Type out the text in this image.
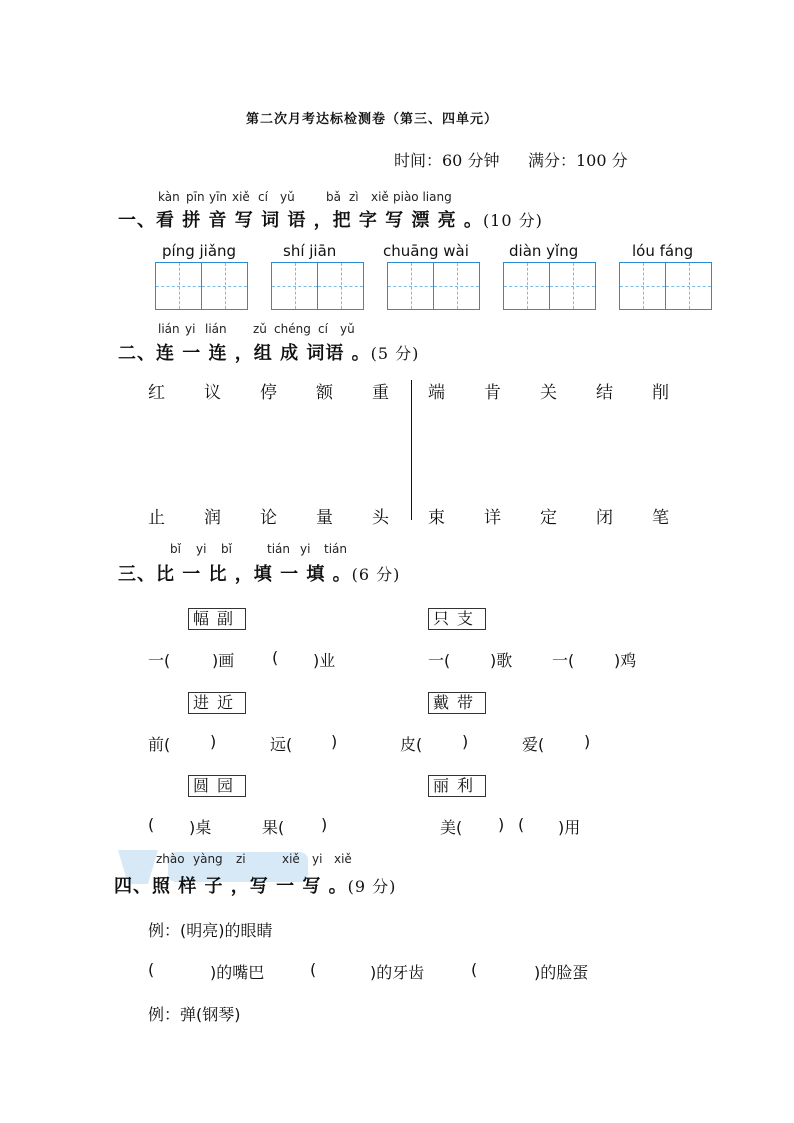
第二次月考达标检测卷（第三、四单元）
时间：60 分钟 满分：100 分
kàn pīn yīn xiě cí yǔ	bǎ zì xiě piào liang
一、看 拼 音 写 词 语 ，把 字 写 漂 亮 。(10 分)
píng jiǎng	shí jiān	chuāng wài	diàn yǐng	lóu fáng
lián yi lián zǔ chéng cí yǔ
二、连 一 连 ，组 成 词语 。(5 分)
红 议 停 额 重 端 肯 关 结 削
止 润 论 量 头 束 详 定 闭 笔
bǐ yi bǐ	tián yi tián
三、比 一 比 ，填 一 填 。(6 分)
幅副	只支
一(	)画 ( )业	一( )歌 一( )鸡
进近	戴带
前( )	远( )	皮( )	爱( )
圆园	丽利
( )桌	果( )	美( ) ( )用
zhào yàng zi	xiě yi xiě
四、照 样 子 ，写 一 写 。(9 分)
例：(明亮)的眼睛
(	)的嘴巴	(	)的牙齿	(	)的脸蛋
例：弹(钢琴)
